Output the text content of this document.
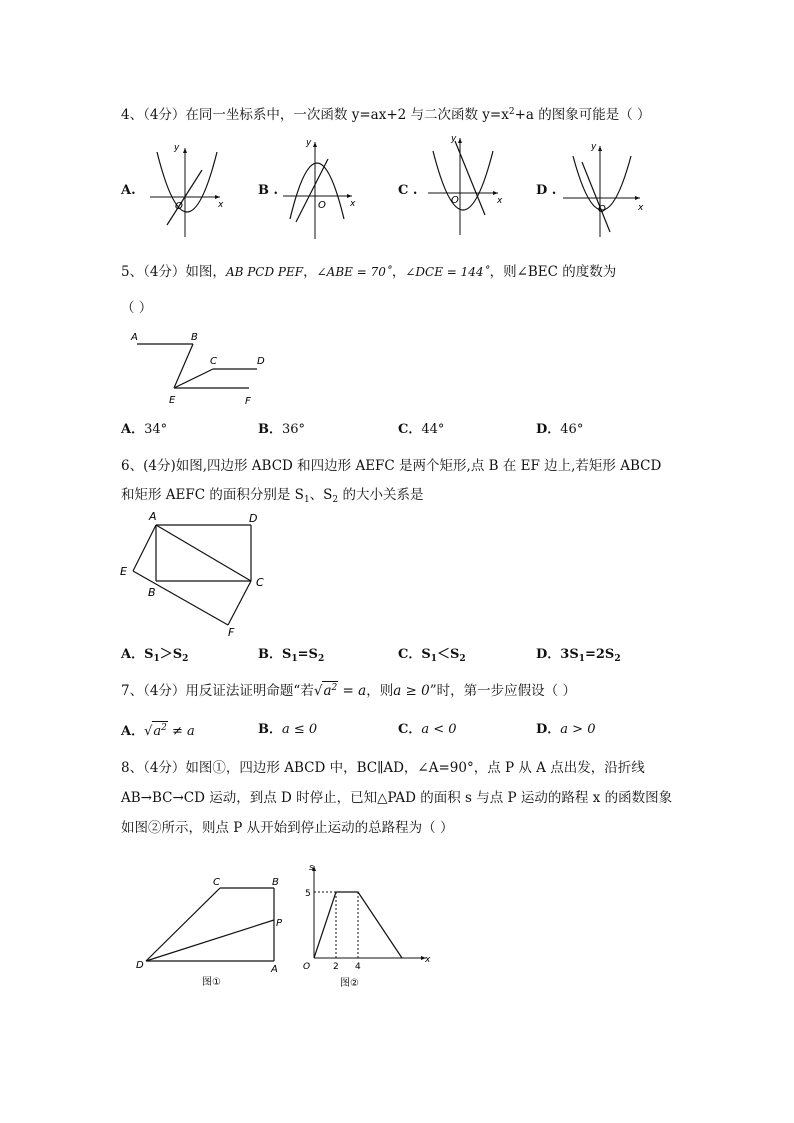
4、（4分）在同一坐标系中，一次函数 y=ax+2 与二次函数 $y=x^2+a$ 的图象可能是（ ）
A.	B .	C .	D .
y
x
O
y
x
O
y
x
O
y
x
O
5、（4分）如图，AB PCD PEF，∠ABE = 70˚，∠DCE = 144˚，则∠BEC 的度数为
（ ）
A	B
C	D
E	F
A．34°	B．36°	C．44°	D．46°
6、(4分)如图,四边形 ABCD 和四边形 AEFC 是两个矩形,点 B 在 EF 边上,若矩形 ABCD
和矩形 AEFC 的面积分别是 $S_1$、$S_2$ 的大小关系是
A	D
E
B
C
F
A．$S_1>S_2$	B．$S_1=S_2$	C．$S_1<S_2$	D．$3S_1=2S_2$
7、（4分）用反证法证明命题“若$√a^2 = a$，则a ≥ 0”时，第一步应假设（ ）
A．$√a^2 \ne a$	B．a ≤ 0	C．a < 0	D．a > 0
8、（4分）如图①，四边形 ABCD 中，BC∥AD，∠A=90°，点 P 从 A 点出发，沿折线
AB→BC→CD 运动，到点 D 时停止，已知△PAD 的面积 s 与点 P 运动的路程 x 的函数图象
如图②所示，则点 P 从开始到停止运动的总路程为（ ）
C	B
P
D	A
图①
s
5
O	2 4
x
图②
